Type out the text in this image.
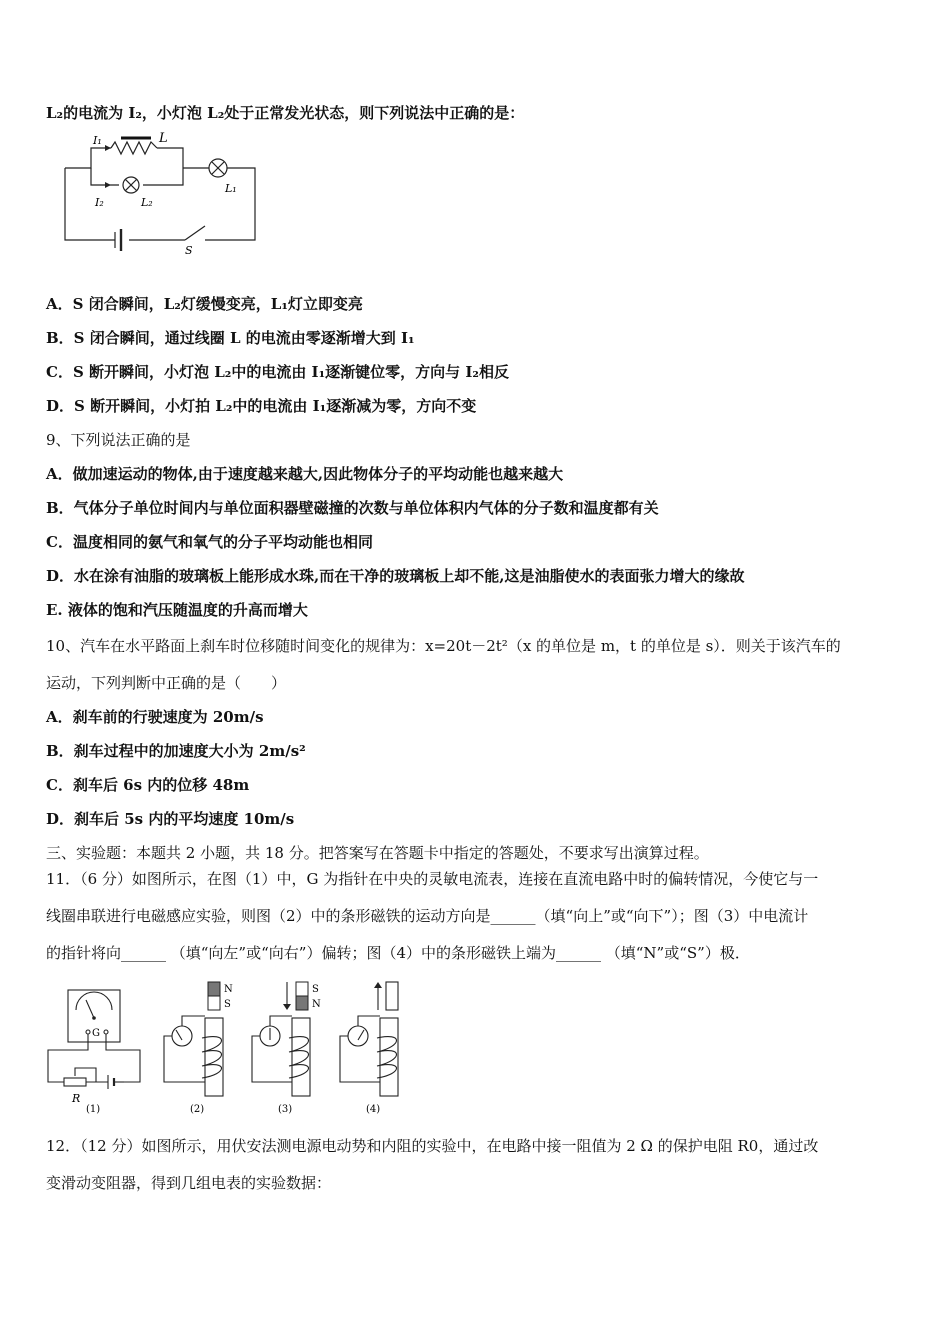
L₂的电流为 I₂，小灯泡 L₂处于正常发光状态，则下列说法中正确的是：
I₁	L
I₂	L₂
L₁
S
A．S 闭合瞬间，L₂灯缓慢变亮，L₁灯立即变亮
B．S 闭合瞬间，通过线圈 L 的电流由零逐渐增大到 I₁
C．S 断开瞬间，小灯泡 L₂中的电流由 I₁逐渐键位零，方向与 I₂相反
D．S 断开瞬间，小灯拍 L₂中的电流由 I₁逐渐减为零，方向不变
9、下列说法正确的是
A．做加速运动的物体,由于速度越来越大,因此物体分子的平均动能也越来越大
B．气体分子单位时间内与单位面积器壁磁撞的次数与单位体积内气体的分子数和温度都有关
C．温度相同的氨气和氧气的分子平均动能也相同
D．水在涂有油脂的玻璃板上能形成水珠,而在干净的玻璃板上却不能,这是油脂使水的表面张力增大的缘故
E. 液体的饱和汽压随温度的升高而增大
10、汽车在水平路面上刹车时位移随时间变化的规律为：x=20t－2t²（x 的单位是 m，t 的单位是 s）．则关于该汽车的
运动，下列判断中正确的是（　　）
A．刹车前的行驶速度为 20m/s
B．刹车过程中的加速度大小为 2m/s²
C．刹车后 6s 内的位移 48m
D．刹车后 5s 内的平均速度 10m/s
三、实验题：本题共 2 小题，共 18 分。把答案写在答题卡中指定的答题处，不要求写出演算过程。
11．（6 分）如图所示，在图（1）中，G 为指针在中央的灵敏电流表，连接在直流电路中时的偏转情况，今使它与一
线圈串联进行电磁感应实验，则图（2）中的条形磁铁的运动方向是______（填“向上”或“向下”）；图（3）中电流计
的指针将向______ （填“向左”或“向右”）偏转；图（4）中的条形磁铁上端为______ （填“N”或“S”）极．
G
R
N
S
S
N
(1)	(2)	(3)	(4)
12．（12 分）如图所示，用伏安法测电源电动势和内阻的实验中，在电路中接一阻值为 2 Ω 的保护电阻 R0，通过改
变滑动变阻器，得到几组电表的实验数据：
